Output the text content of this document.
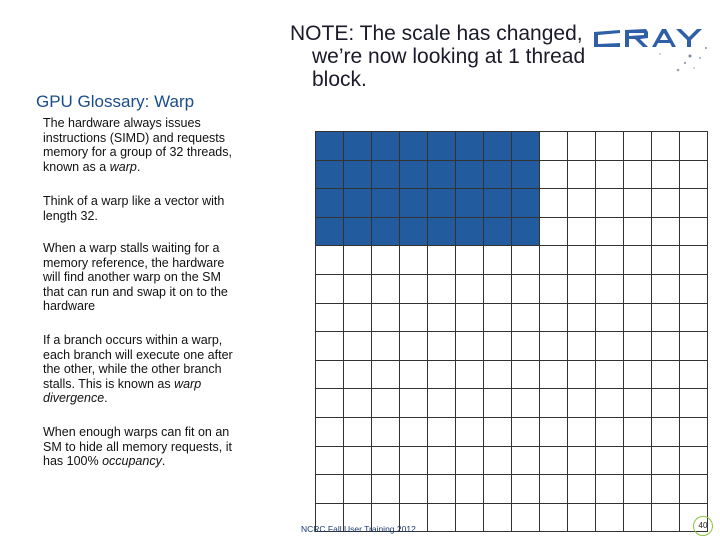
GPU Glossary: Warp
NOTE: The scale has changed,
we’re now looking at 1 thread
block.

The hardware always issues
instructions (SIMD) and requests
memory for a group of 32 threads,
known as a warp.

Think of a warp like a vector with
length 32.

When a warp stalls waiting for a
memory reference, the hardware
will find another warp on the SM
that can run and swap it on to the
hardware

If a branch occurs within a warp,
each branch will execute one after
the other, while the other branch
stalls. This is known as warp
divergence.

When enough warps can fit on an
SM to hide all memory requests, it
has 100% occupancy.

NCRC Fall User Training 2012	40
